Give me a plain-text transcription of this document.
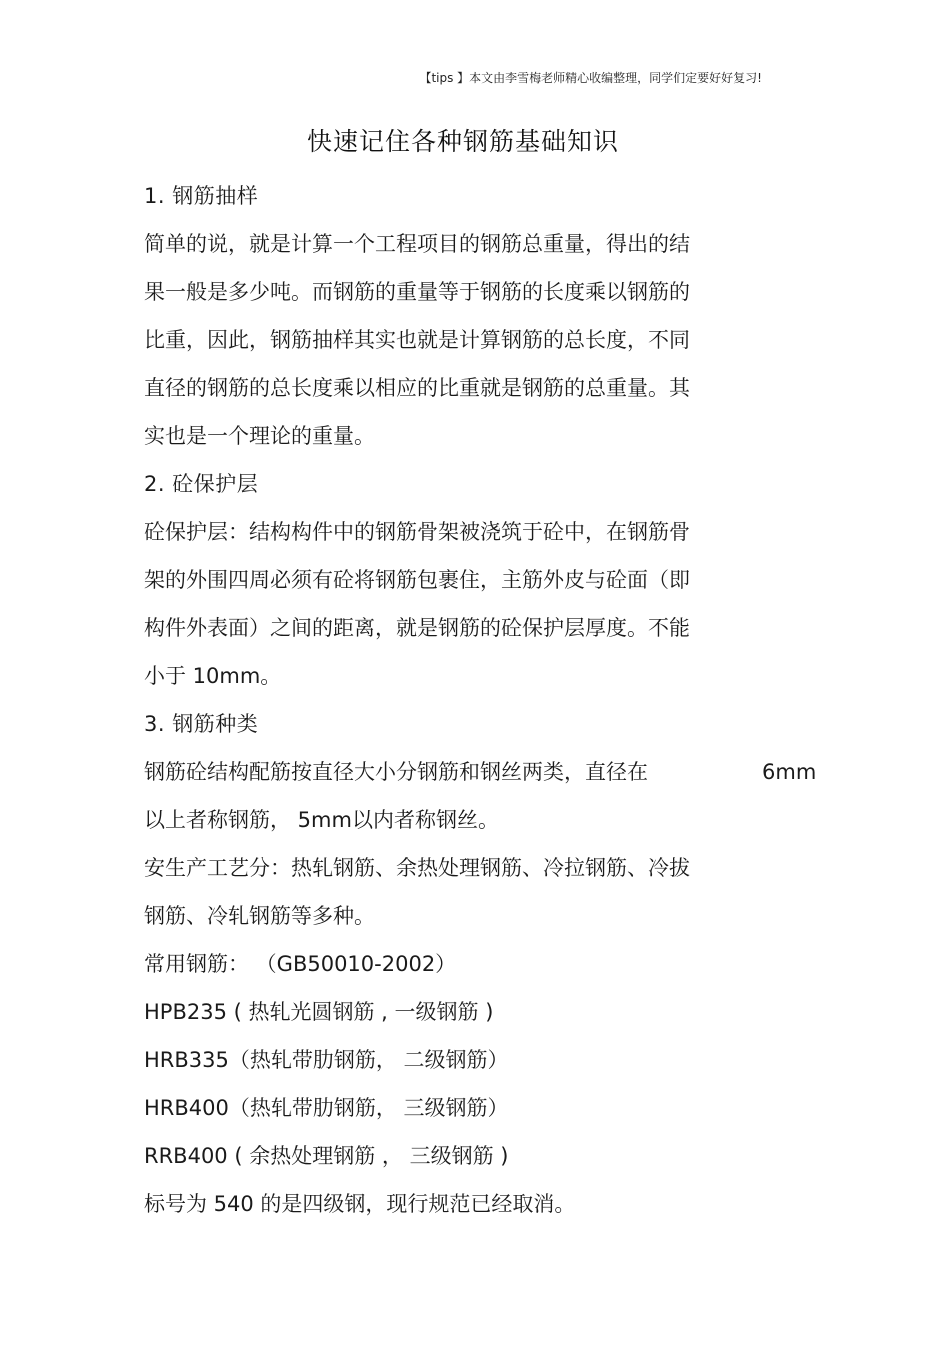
【tips 】本文由李雪梅老师精心收编整理，同学们定要好好复习!
快速记住各种钢筋基础知识
1. 钢筋抽样
简单的说，就是计算一个工程项目的钢筋总重量，得出的结
果一般是多少吨。而钢筋的重量等于钢筋的长度乘以钢筋的
比重，因此，钢筋抽样其实也就是计算钢筋的总长度，不同
直径的钢筋的总长度乘以相应的比重就是钢筋的总重量。其
实也是一个理论的重量。
2. 砼保护层
砼保护层：结构构件中的钢筋骨架被浇筑于砼中，在钢筋骨
架的外围四周必须有砼将钢筋包裹住，主筋外皮与砼面（即
构件外表面）之间的距离，就是钢筋的砼保护层厚度。不能
小于 10mm。
3. 钢筋种类
钢筋砼结构配筋按直径大小分钢筋和钢丝两类，直径在	6mm
以上者称钢筋， 5mm以内者称钢丝。
安生产工艺分：热轧钢筋、余热处理钢筋、冷拉钢筋、冷拔
钢筋、冷轧钢筋等多种。
常用钢筋： （GB50010-2002）
HPB235 ( 热轧光圆钢筋 , 一级钢筋 )
HRB335（热轧带肋钢筋， 二级钢筋）
HRB400（热轧带肋钢筋， 三级钢筋）
RRB400 ( 余热处理钢筋 ， 三级钢筋 )
标号为 540 的是四级钢，现行规范已经取消。
